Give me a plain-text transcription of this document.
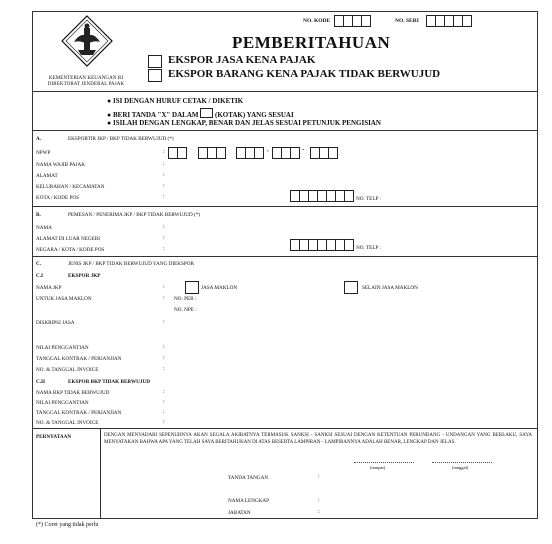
KEMENTERIAN KEUANGAN RI
DIREKTORAT JENDERAL PAJAK
NO. KODE	NO. SERI
PEMBERITAHUAN
EKSPOR JASA KENA PAJAK
EKSPOR BARANG KENA PAJAK TIDAK BERWUJUD
● ISI DENGAN HURUF CETAK / DIKETIK
● BERI TANDA "X" DALAM (KOTAK) YANG SESUAI
● ISILAH DENGAN LENGKAP, BENAR DAN JELAS SESUAI PETUNJUK PENGISIAN
A.	EKSPORTIR JKP / BKP TIDAK BERWUJUD (*)
NPWP	:	,	-
NAMA WAJIB PAJAK	:
ALAMAT	:
KELURAHAN / KECAMATAN	:
KOTA / KODE POS	:	NO. TELP :
B.	PEMESAN / PENERIMA JKP / BKP TIDAK BERWUJUD (*)
NAMA	:
ALAMAT DI LUAR NEGERI	:
NEGARA / KOTA / KODE POS	:	NO. TELP :
C.	JENIS JKP / BKP TIDAK BERWUJUD YANG DIEKSPOR
C.I	EKSPOR JKP
NAMA JKP	:	JASA MAKLON	SELAIN JASA MAKLON
UNTUK JASA MAKLON	: NO. PEB :
NO. NPE :
DISKRIPSI JASA	:
NILAI PENGGANTIAN	:
TANGGAL KONTRAK / PERJANJIAN	:
NO. & TANGGAL INVOICE	:
C.II	EKSPOR BKP TIDAK BERWUJUD
NAMA BKP TIDAK BERWUJUD	:
NILAI PENGGANTIAN	:
TANGGAL KONTRAK / PERJANJIAN	:
NO. & TANGGAL INVOICE	:
PERNYATAAN	DENGAN MENYADARI SEPENUHNYA AKAN SEGALA AKIBATNYA TERMASUK SANKSI - SANKSI SESUAI DENGAN KETENTUAN PERUNDANG - UNDANGAN YANG BERLAKU, SAYA MENYATAKAN BAHWA APA YANG TELAH SAYA BERITAHUKAN DI ATAS BESERTA LAMPIRAN - LAMPIRANNYA ADALAH BENAR, LENGKAP DAN JELAS.
(tempat)	(tanggal)
TANDA TANGAN	:
NAMA LENGKAP	:
JABATAN	:
(*) Coret yang tidak perlu
